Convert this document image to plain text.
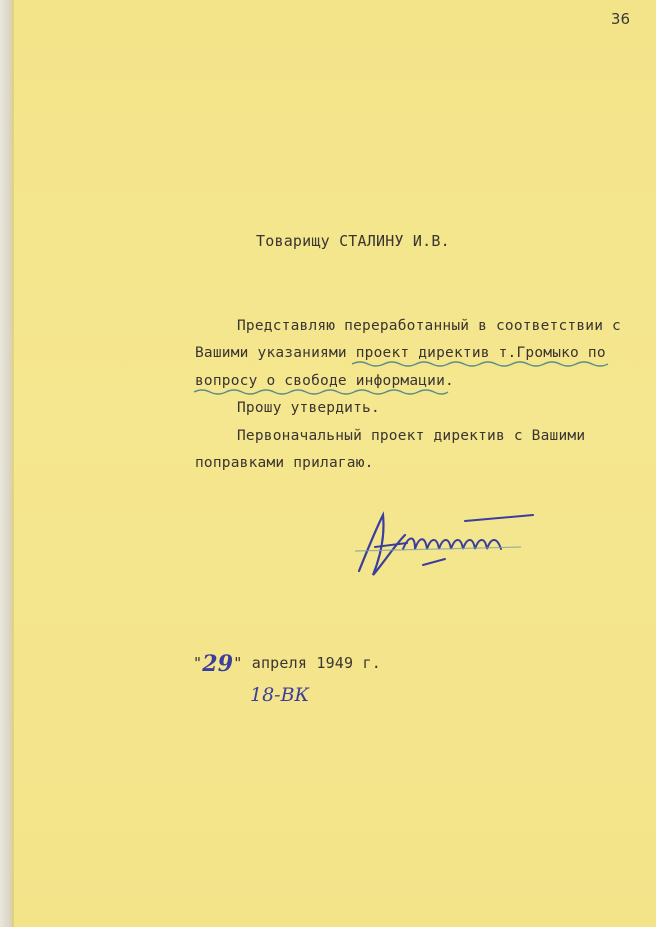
36
Товарищу СТАЛИНУ И.В.
Представляю переработанный в соответствии с
Вашими указаниями проект директив т.Громыко по
вопросу о свободе информации.
Прошу утвердить.
Первоначальный проект директив с Вашими
поправками прилагаю.
"29" апреля 1949 г.
18-ВК
